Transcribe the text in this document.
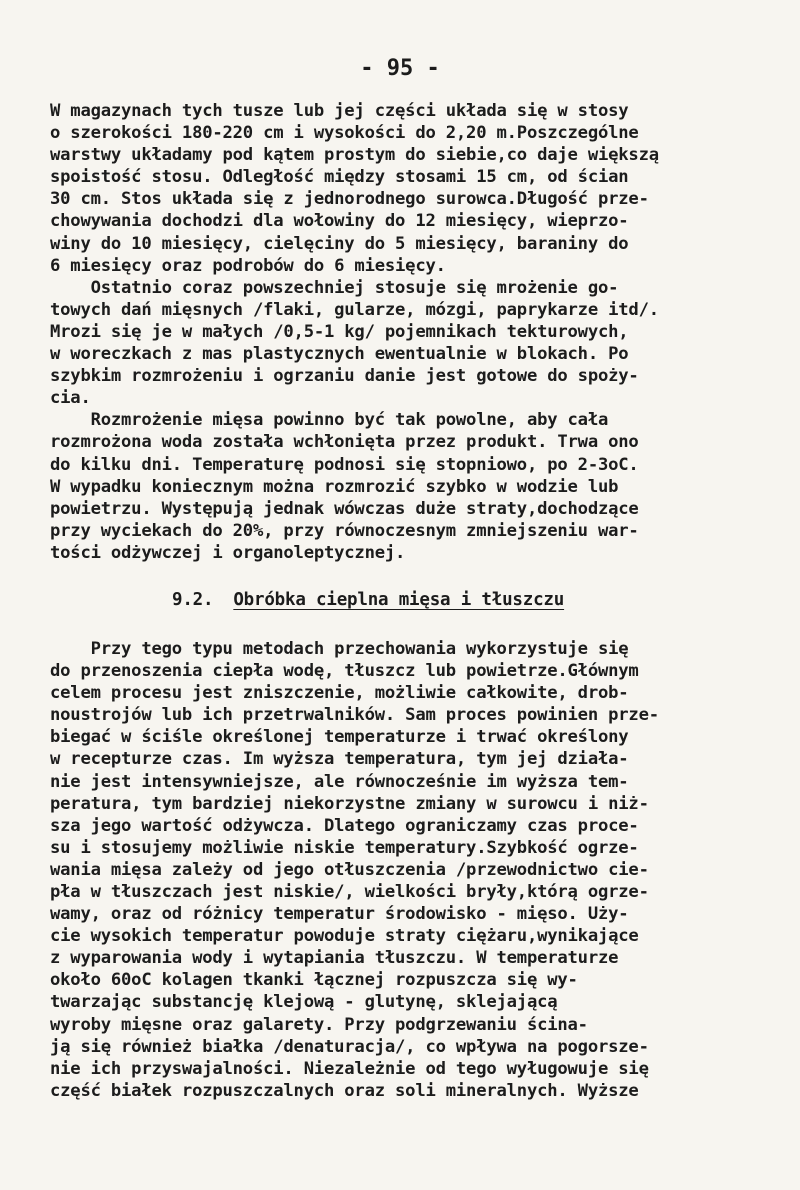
- 95 -
W magazynach tych tusze lub jej części układa się w stosy
o szerokości 180-220 cm i wysokości do 2,20 m.Poszczególne
warstwy układamy pod kątem prostym do siebie,co daje większą
spoistość stosu. Odległość między stosami 15 cm, od ścian
30 cm. Stos układa się z jednorodnego surowca.Długość prze-
chowywania dochodzi dla wołowiny do 12 miesięcy, wieprzo-
winy do 10 miesięcy, cielęciny do 5 miesięcy, baraniny do
6 miesięcy oraz podrobów do 6 miesięcy.
Ostatnio coraz powszechniej stosuje się mrożenie go-
towych dań mięsnych /flaki, gularze, mózgi, paprykarze itd/.
Mrozi się je w małych /0,5-1 kg/ pojemnikach tekturowych,
w woreczkach z mas plastycznych ewentualnie w blokach. Po
szybkim rozmrożeniu i ogrzaniu danie jest gotowe do spoży-
cia.
Rozmrożenie mięsa powinno być tak powolne, aby cała
rozmrożona woda została wchłonięta przez produkt. Trwa ono
do kilku dni. Temperaturę podnosi się stopniowo, po 2-3oC.
W wypadku koniecznym można rozmrozić szybko w wodzie lub
powietrzu. Występują jednak wówczas duże straty,dochodzące
przy wyciekach do 20%, przy równoczesnym zmniejszeniu war-
tości odżywczej i organoleptycznej.
9.2. Obróbka cieplna mięsa i tłuszczu
Przy tego typu metodach przechowania wykorzystuje się
do przenoszenia ciepła wodę, tłuszcz lub powietrze.Głównym
celem procesu jest zniszczenie, możliwie całkowite, drob-
noustrojów lub ich przetrwalników. Sam proces powinien prze-
biegać w ściśle określonej temperaturze i trwać określony
w recepturze czas. Im wyższa temperatura, tym jej działa-
nie jest intensywniejsze, ale równocześnie im wyższa tem-
peratura, tym bardziej niekorzystne zmiany w surowcu i niż-
sza jego wartość odżywcza. Dlatego ograniczamy czas proce-
su i stosujemy możliwie niskie temperatury.Szybkość ogrze-
wania mięsa zależy od jego otłuszczenia /przewodnictwo cie-
pła w tłuszczach jest niskie/, wielkości bryły,którą ogrze-
wamy, oraz od różnicy temperatur środowisko - mięso. Uży-
cie wysokich temperatur powoduje straty ciężaru,wynikające
z wyparowania wody i wytapiania tłuszczu. W temperaturze
około 60oC kolagen tkanki łącznej rozpuszcza się wy-
twarzając substancję klejową - glutynę, sklejającą
wyroby mięsne oraz galarety. Przy podgrzewaniu ścina-
ją się również białka /denaturacja/, co wpływa na pogorsze-
nie ich przyswajalności. Niezależnie od tego wyługowuje się
część białek rozpuszczalnych oraz soli mineralnych. Wyższe
